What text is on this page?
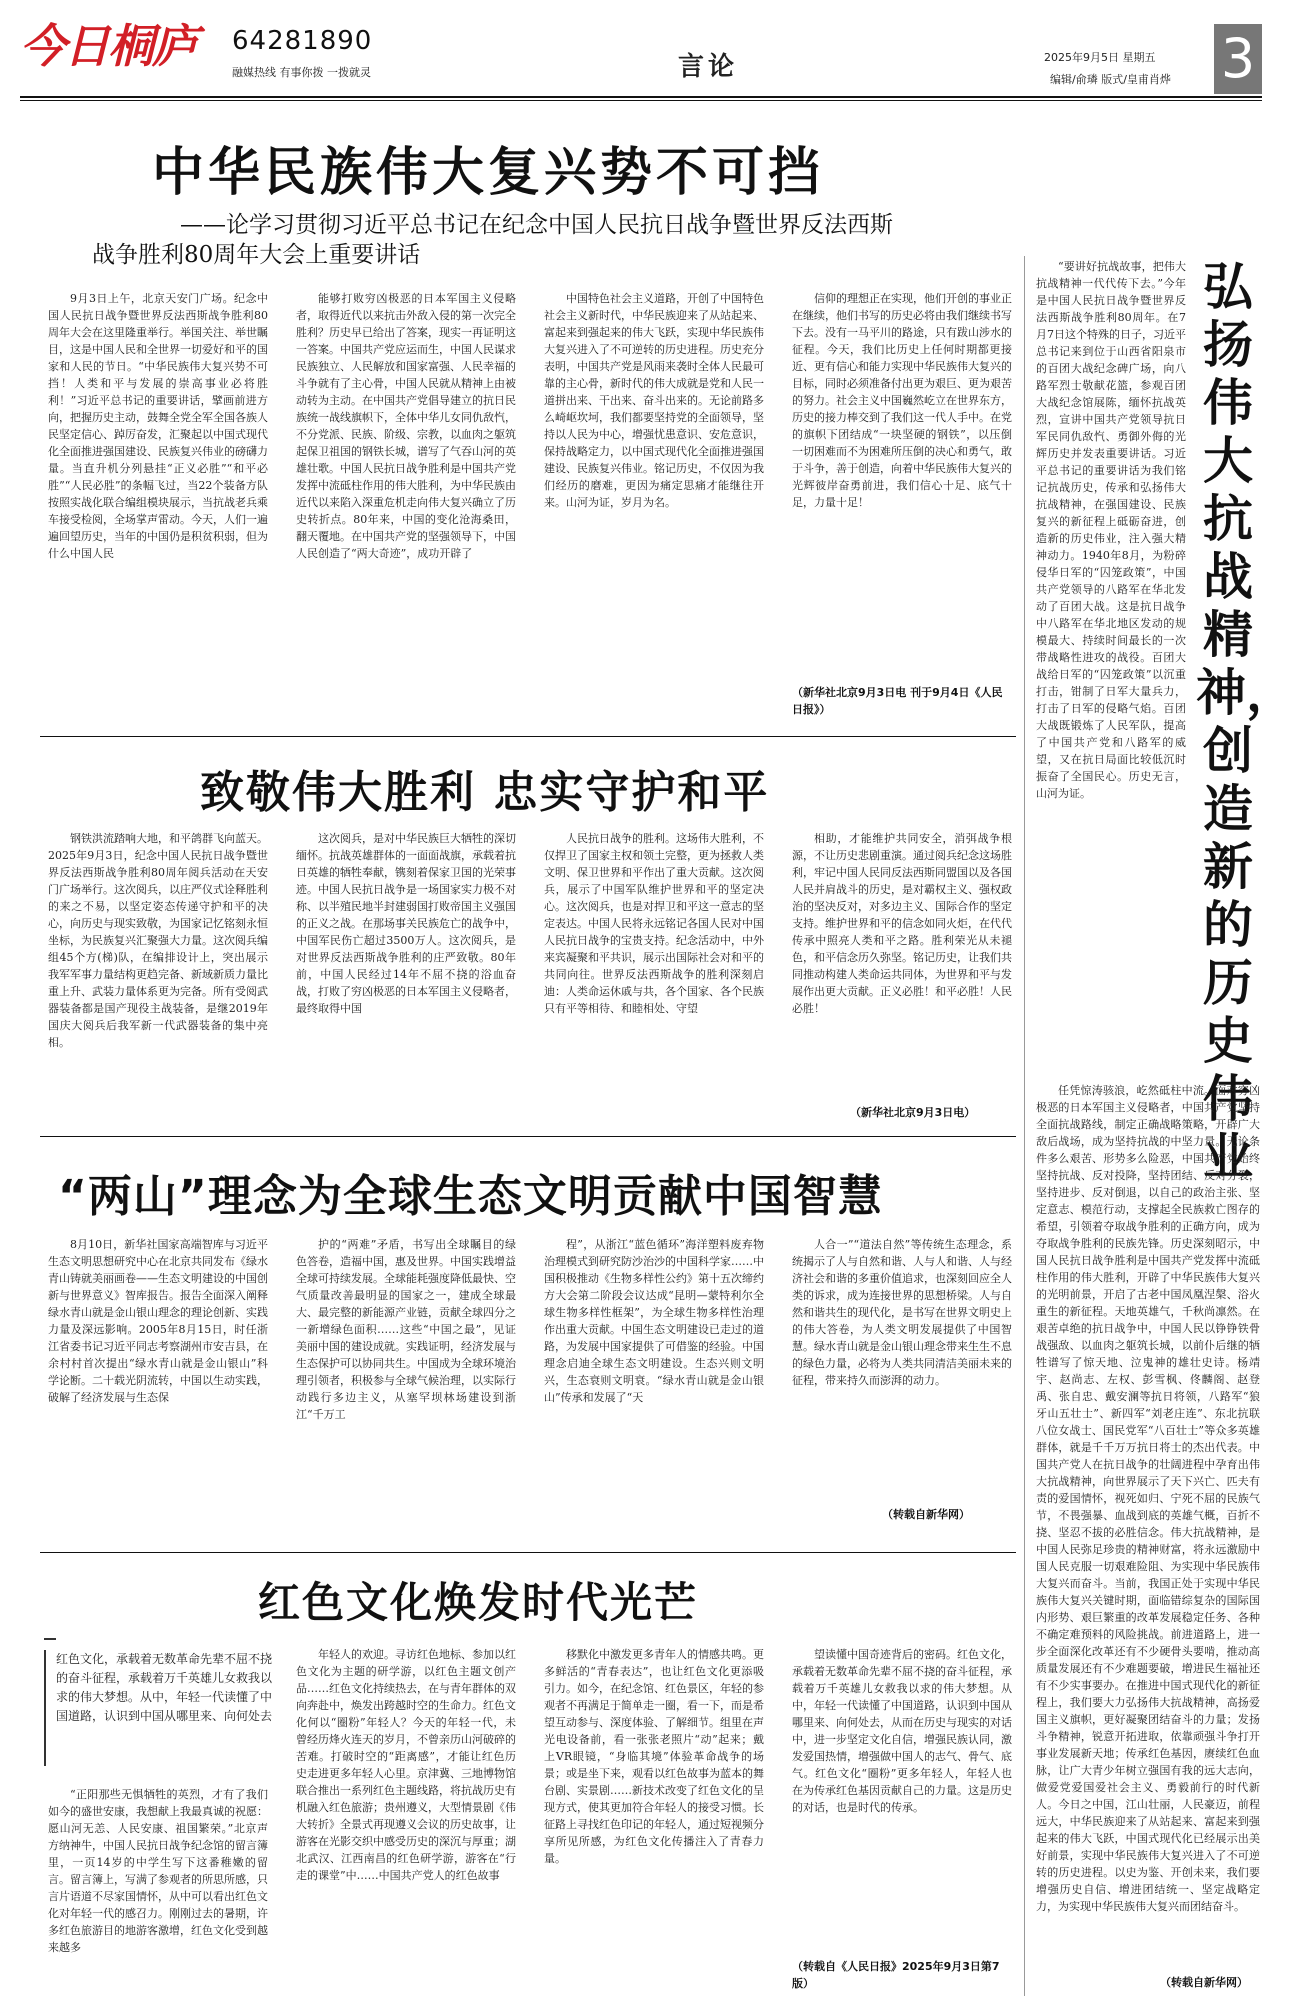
今日桐庐	64281890
融媒热线 有事你拨 一拨就灵	言论	2025年9月5日 星期五
编辑/俞璘 版式/皇甫肖烨 3
中华民族伟大复兴势不可挡
——论学习贯彻习近平总书记在纪念中国人民抗日战争暨世界反法西斯
战争胜利80周年大会上重要讲话

9月3日上午，北京天安门广场。纪念中国人民抗日战争暨世界反法西斯战争胜利80周年大会在这里隆重举行。举国关注、举世瞩目，这是中国人民和全世界一切爱好和平的国家和人民的节日。“中华民族伟大复兴势不可挡！人类和平与发展的崇高事业必将胜利！”习近平总书记的重要讲话，擘画前进方向，把握历史主动，鼓舞全党全军全国各族人民坚定信心、踔厉奋发，汇聚起以中国式现代化全面推进强国建设、民族复兴伟业的磅礴力量。当直升机分列悬挂“正义必胜”“和平必胜”“人民必胜”的条幅飞过，当22个装备方队按照实战化联合编组模块展示，当抗战老兵乘车接受检阅，全场掌声雷动。今天，人们一遍遍回望历史，当年的中国仍是积贫积弱，但为什么中国人民

能够打败穷凶极恶的日本军国主义侵略者，取得近代以来抗击外敌入侵的第一次完全胜利？历史早已给出了答案，现实一再证明这一答案。中国共产党应运而生，中国人民谋求民族独立、人民解放和国家富强、人民幸福的斗争就有了主心骨，中国人民就从精神上由被动转为主动。在中国共产党倡导建立的抗日民族统一战线旗帜下，全体中华儿女同仇敌忾，不分党派、民族、阶级、宗教，以血肉之躯筑起保卫祖国的钢铁长城，谱写了气吞山河的英雄壮歌。中国人民抗日战争胜利是中国共产党发挥中流砥柱作用的伟大胜利，为中华民族由近代以来陷入深重危机走向伟大复兴确立了历史转折点。80年来，中国的变化沧海桑田，翻天覆地。在中国共产党的坚强领导下，中国人民创造了“两大奇迹”，成功开辟了

中国特色社会主义道路，开创了中国特色社会主义新时代，中华民族迎来了从站起来、富起来到强起来的伟大飞跃，实现中华民族伟大复兴进入了不可逆转的历史进程。历史充分表明，中国共产党是风雨来袭时全体人民最可靠的主心骨，新时代的伟大成就是党和人民一道拼出来、干出来、奋斗出来的。无论前路多么崎岖坎坷，我们都要坚持党的全面领导，坚持以人民为中心，增强忧患意识、安危意识，保持战略定力，以中国式现代化全面推进强国建设、民族复兴伟业。铭记历史，不仅因为我们经历的磨难，更因为痛定思痛才能继往开来。山河为证，岁月为名。

信仰的理想正在实现，他们开创的事业正在继续，他们书写的历史必将由我们继续书写下去。没有一马平川的路途，只有跋山涉水的征程。今天，我们比历史上任何时期都更接近、更有信心和能力实现中华民族伟大复兴的目标，同时必须准备付出更为艰巨、更为艰苦的努力。社会主义中国巍然屹立在世界东方，历史的接力棒交到了我们这一代人手中。在党的旗帜下团结成“一块坚硬的钢铁”，以压倒一切困难而不为困难所压倒的决心和勇气，敢于斗争，善于创造，向着中华民族伟大复兴的光辉彼岸奋勇前进，我们信心十足、底气十足，力量十足！

（新华社北京9月3日电 刊于9月4日《人民日报》）
致敬伟大胜利 忠实守护和平

钢铁洪流踏响大地，和平鸽群飞向蓝天。2025年9月3日，纪念中国人民抗日战争暨世界反法西斯战争胜利80周年阅兵活动在天安门广场举行。这次阅兵，以庄严仪式诠释胜利的来之不易，以坚定姿态传递守护和平的决心，向历史与现实致敬，为国家记忆铭刻永恒坐标，为民族复兴汇聚强大力量。这次阅兵编组45个方(梯)队，在编排设计上，突出展示我军军事力量结构更趋完备、新域新质力量比重上升、武装力量体系更为完备。所有受阅武器装备都是国产现役主战装备，是继2019年国庆大阅兵后我军新一代武器装备的集中亮相。

这次阅兵，是对中华民族巨大牺牲的深切缅怀。抗战英雄群体的一面面战旗，承载着抗日英雄的牺牲奉献，镌刻着保家卫国的光荣事迹。中国人民抗日战争是一场国家实力极不对称、以半殖民地半封建弱国打败帝国主义强国的正义之战。在那场事关民族危亡的战争中，中国军民伤亡超过3500万人。这次阅兵，是对世界反法西斯战争胜利的庄严致敬。80年前，中国人民经过14年不屈不挠的浴血奋战，打败了穷凶极恶的日本军国主义侵略者，最终取得中国

人民抗日战争的胜利。这场伟大胜利，不仅捍卫了国家主权和领土完整，更为拯救人类文明、保卫世界和平作出了重大贡献。这次阅兵，展示了中国军队维护世界和平的坚定决心。这次阅兵，也是对捍卫和平这一意志的坚定表达。中国人民将永远铭记各国人民对中国人民抗日战争的宝贵支持。纪念活动中，中外来宾凝聚和平共识，展示出国际社会对和平的共同向往。世界反法西斯战争的胜利深刻启迪：人类命运休戚与共，各个国家、各个民族只有平等相待、和睦相处、守望

相助，才能维护共同安全，消弭战争根源，不让历史悲剧重演。通过阅兵纪念这场胜利，牢记中国人民同反法西斯同盟国以及各国人民并肩战斗的历史，是对霸权主义、强权政治的坚决反对，对多边主义、国际合作的坚定支持。维护世界和平的信念如同火炬，在代代传承中照亮人类和平之路。胜利荣光从未褪色，和平信念历久弥坚。铭记历史，让我们共同推动构建人类命运共同体，为世界和平与发展作出更大贡献。正义必胜！和平必胜！人民必胜！

（新华社北京9月3日电）
“两山”理念为全球生态文明贡献中国智慧

8月10日，新华社国家高端智库与习近平生态文明思想研究中心在北京共同发布《绿水青山铸就美丽画卷——生态文明建设的中国创新与世界意义》智库报告。报告全面深入阐释绿水青山就是金山银山理念的理论创新、实践力量及深远影响。2005年8月15日，时任浙江省委书记习近平同志考察湖州市安吉县，在余村村首次提出“绿水青山就是金山银山”科学论断。二十载光阴流转，中国以生动实践，破解了经济发展与生态保

护的“两难”矛盾，书写出全球瞩目的绿色答卷，造福中国，惠及世界。中国实践增益全球可持续发展。全球能耗强度降低最快、空气质量改善最明显的国家之一，建成全球最大、最完整的新能源产业链，贡献全球四分之一新增绿色面积……这些“中国之最”，见证美丽中国的建设成就。实践证明，经济发展与生态保护可以协同共生。中国成为全球环境治理引领者，积极参与全球气候治理，以实际行动践行多边主义，从塞罕坝林场建设到浙江“千万工

程”，从浙江“蓝色循环”海洋塑料废弃物治理模式到研究防沙治沙的中国科学家……中国积极推动《生物多样性公约》第十五次缔约方大会第二阶段会议达成“昆明—蒙特利尔全球生物多样性框架”，为全球生物多样性治理作出重大贡献。中国生态文明建设已走过的道路，为发展中国家提供了可借鉴的经验。中国理念启迪全球生态文明建设。生态兴则文明兴，生态衰则文明衰。“绿水青山就是金山银山”传承和发展了“天

人合一”“道法自然”等传统生态理念，系统揭示了人与自然和谐、人与人和谐、人与经济社会和谐的多重价值追求，也深刻回应全人类的诉求，成为连接世界的思想桥梁。人与自然和谐共生的现代化，是书写在世界文明史上的伟大答卷，为人类文明发展提供了中国智慧。绿水青山就是金山银山理念带来生生不息的绿色力量，必将为人类共同清洁美丽未来的征程，带来持久而澎湃的动力。

（转载自新华网）
红色文化焕发时代光芒
红色文化，承载着无数革命先辈不屈不挠的奋斗征程，承载着万千英雄儿女救我以求的伟大梦想。从中，年轻一代读懂了中国道路，认识到中国从哪里来、向何处去

“正阳那些无惧牺牲的英烈，才有了我们如今的盛世安康，我想献上我最真诚的祝愿：愿山河无恙、人民安康、祖国繁荣。”北京声方纳神牛，中国人民抗日战争纪念馆的留言簿里，一页14岁的中学生写下这番稚嫩的留言。留言簿上，写满了参观者的所思所感，只言片语道不尽家国情怀，从中可以看出红色文化对年轻一代的感召力。刚刚过去的暑期，许多红色旅游目的地游客激增，红色文化受到越来越多

年轻人的欢迎。寻访红色地标、参加以红色文化为主题的研学游，以红色主题文创产品……红色文化持续热去，在与青年群体的双向奔赴中，焕发出跨越时空的生命力。红色文化何以“圈粉”年轻人？今天的年轻一代，未曾经历烽火连天的岁月，不曾亲历山河破碎的苦难。打破时空的“距离感”，才能让红色历史走进更多年轻人心里。京津冀、三地博物馆联合推出一系列红色主题线路，将抗战历史有机融入红色旅游；贵州遵义，大型情景剧《伟大转折》全景式再现遵义会议的历史故事，让游客在光影交织中感受历史的深沉与厚重；湖北武汉、江西南昌的红色研学游，游客在“行走的课堂”中……中国共产党人的红色故事

移默化中激发更多青年人的情感共鸣。更多鲜活的“青春表达”，也让红色文化更添吸引力。如今，在纪念馆、红色景区，年轻的参观者不再满足于简单走一圈，看一下，而是希望互动参与、深度体验、了解细节。组里在声光电设备前，看一张张老照片“动”起来；戴上VR眼镜，“身临其境”体验革命战争的场景；或是坐下来，观看以红色故事为蓝本的舞台剧、实景剧……新技术改变了红色文化的呈现方式，使其更加符合年轻人的接受习惯。长征路上寻找红色印记的年轻人，通过短视频分享所见所感，为红色文化传播注入了青春力量。

望读懂中国奇迹背后的密码。红色文化，承载着无数革命先辈不屈不挠的奋斗征程，承载着万千英雄儿女救我以求的伟大梦想。从中，年轻一代读懂了中国道路，认识到中国从哪里来、向何处去，从而在历史与现实的对话中，进一步坚定文化自信，增强民族认同，激发爱国热情，增强做中国人的志气、骨气、底气。红色文化“圈粉”更多年轻人，年轻人也在为传承红色基因贡献自己的力量。这是历史的对话，也是时代的传承。

（转载自《人民日报》2025年9月3日第7版）

“要讲好抗战故事，把伟大抗战精神一代代传下去。”今年是中国人民抗日战争暨世界反法西斯战争胜利80周年。在7月7日这个特殊的日子，习近平总书记来到位于山西省阳泉市的百团大战纪念碑广场，向八路军烈士敬献花篮，参观百团大战纪念馆展陈，缅怀抗战英烈，宣讲中国共产党领导抗日军民同仇敌忾、勇御外侮的光辉历史并发表重要讲话。习近平总书记的重要讲话为我们铭记抗战历史，传承和弘扬伟大抗战精神，在强国建设、民族复兴的新征程上砥砺奋进，创造新的历史伟业，注入强大精神动力。1940年8月，为粉碎侵华日军的“囚笼政策”，中国共产党领导的八路军在华北发动了百团大战。这是抗日战争中八路军在华北地区发动的规模最大、持续时间最长的一次带战略性进攻的战役。百团大战给日军的“囚笼政策”以沉重打击，钳制了日军大量兵力，打击了日军的侵略气焰。百团大战既锻炼了人民军队，提高了中国共产党和八路军的威望，又在抗日局面比较低沉时振奋了全国民心。历史无言，山河为证。

弘扬伟大抗战精神，创造新的历史伟业

任凭惊涛骇浪，屹然砥柱中流。面对穷凶极恶的日本军国主义侵略者，中国共产党坚持全面抗战路线，制定正确战略策略，开辟广大敌后战场，成为坚持抗战的中坚力量。无论条件多么艰苦、形势多么险恶，中国共产党始终坚持抗战、反对投降，坚持团结、反对分裂，坚持进步、反对倒退，以自己的政治主张、坚定意志、模范行动，支撑起全民族救亡图存的希望，引领着夺取战争胜利的正确方向，成为夺取战争胜利的民族先锋。历史深刻昭示，中国人民抗日战争胜利是中国共产党发挥中流砥柱作用的伟大胜利，开辟了中华民族伟大复兴的光明前景，开启了古老中国凤凰涅槃、浴火重生的新征程。天地英雄气，千秋尚凛然。在艰苦卓绝的抗日战争中，中国人民以铮铮铁骨战强敌、以血肉之躯筑长城，以前仆后继的牺牲谱写了惊天地、泣鬼神的雄壮史诗。杨靖宇、赵尚志、左权、彭雪枫、佟麟阁、赵登禹、张自忠、戴安澜等抗日将领，八路军“狼牙山五壮士”、新四军“刘老庄连”、东北抗联八位女战士、国民党军“八百壮士”等众多英雄群体，就是千千万万抗日将士的杰出代表。中国共产党人在抗日战争的壮阔进程中孕育出伟大抗战精神，向世界展示了天下兴亡、匹夫有责的爱国情怀，视死如归、宁死不屈的民族气节，不畏强暴、血战到底的英雄气概，百折不挠、坚忍不拔的必胜信念。伟大抗战精神，是中国人民弥足珍贵的精神财富，将永远激励中国人民克服一切艰难险阻、为实现中华民族伟大复兴而奋斗。当前，我国正处于实现中华民族伟大复兴关键时期，面临错综复杂的国际国内形势、艰巨繁重的改革发展稳定任务、各种不确定难预料的风险挑战。前进道路上，进一步全面深化改革还有不少硬骨头要啃，推动高质量发展还有不少难题要破，增进民生福祉还有不少实事要办。在推进中国式现代化的新征程上，我们要大力弘扬伟大抗战精神，高扬爱国主义旗帜，更好凝聚团结奋斗的力量；发扬斗争精神，锐意开拓进取，依靠顽强斗争打开事业发展新天地；传承红色基因，赓续红色血脉，让广大青少年树立强国有我的远大志向，做爱党爱国爱社会主义、勇毅前行的时代新人。今日之中国，江山壮丽，人民豪迈，前程远大，中华民族迎来了从站起来、富起来到强起来的伟大飞跃，中国式现代化已经展示出美好前景，实现中华民族伟大复兴进入了不可逆转的历史进程。以史为鉴、开创未来，我们要增强历史自信、增进团结统一、坚定战略定力，为实现中华民族伟大复兴而团结奋斗。

（转载自新华网）
